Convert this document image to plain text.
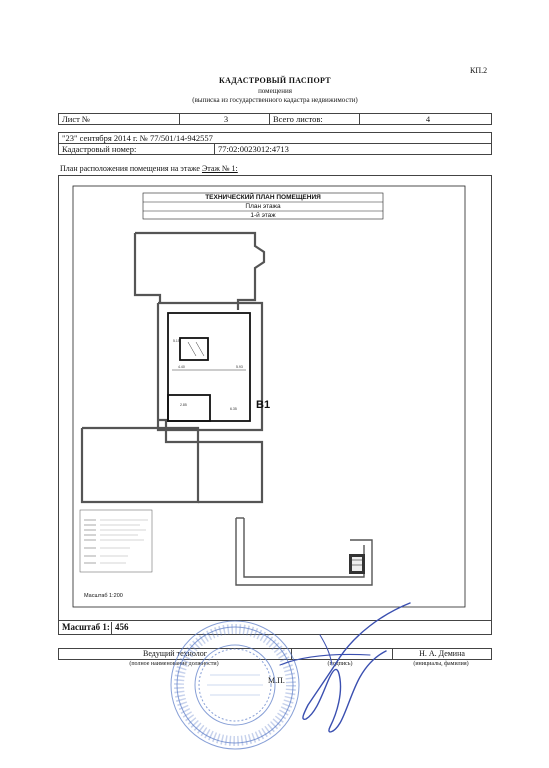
КП.2
КАДАСТРОВЫЙ ПАСПОРТ
помещения
(выписка из государственного кадастра недвижимости)
Лист №	3	Всего листов:	4
"23" сентября 2014 г. № 77/501/14-942557
Кадастровый номер:	77:02:0023012:4713
План расположения помещения на этаже Этаж № 1:
5.15
4.40	5.93
6.35
2.85
ТЕХНИЧЕСКИЙ ПЛАН ПОМЕЩЕНИЯ
План этажа
1-й этаж
В1
Масштаб 1:200
Масштаб 1: 456
Ведущий технолог	Н. А. Демина
(полное наименование должности)	(подпись)	(инициалы, фамилия)
М.П.
